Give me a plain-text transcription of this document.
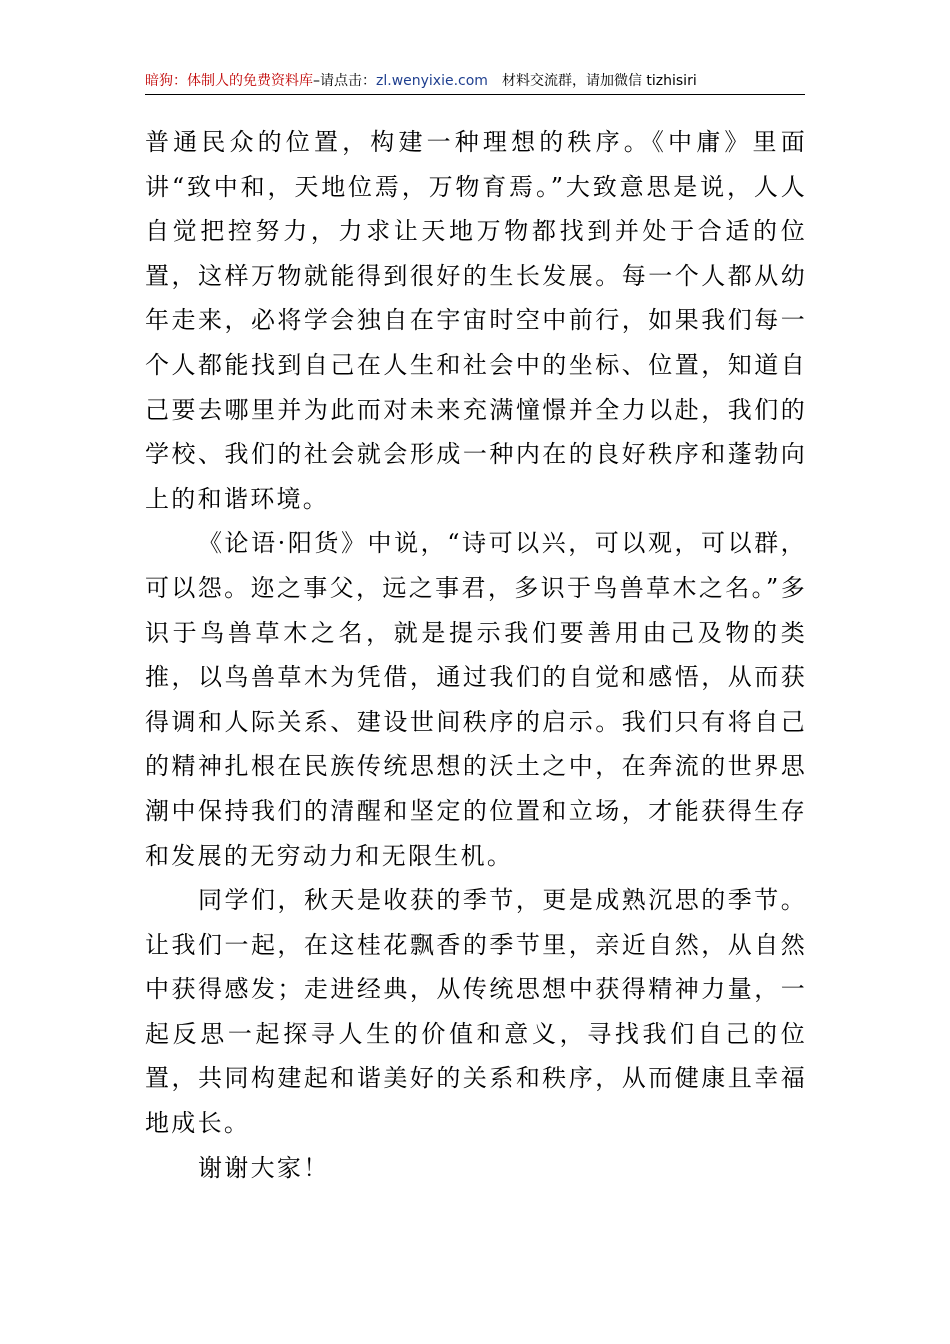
暗狗：体制人的免费资料库–请点击：zl.wenyixie.com 材料交流群，请加微信 tizhisiri

普通民众的位置，构建一种理想的秩序。《中庸》里面讲“致中和，天地位焉，万物育焉。”大致意思是说，人人自觉把控努力，力求让天地万物都找到并处于合适的位置，这样万物就能得到很好的生长发展。每一个人都从幼年走来，必将学会独自在宇宙时空中前行，如果我们每一个人都能找到自己在人生和社会中的坐标、位置，知道自己要去哪里并为此而对未来充满憧憬并全力以赴，我们的学校、我们的社会就会形成一种内在的良好秩序和蓬勃向上的和谐环境。

《论语·阳货》中说，“诗可以兴，可以观，可以群，可以怨。迩之事父，远之事君，多识于鸟兽草木之名。”多识于鸟兽草木之名，就是提示我们要善用由己及物的类推，以鸟兽草木为凭借，通过我们的自觉和感悟，从而获得调和人际关系、建设世间秩序的启示。我们只有将自己的精神扎根在民族传统思想的沃土之中，在奔流的世界思潮中保持我们的清醒和坚定的位置和立场，才能获得生存和发展的无穷动力和无限生机。

同学们，秋天是收获的季节，更是成熟沉思的季节。让我们一起，在这桂花飘香的季节里，亲近自然，从自然中获得感发；走进经典，从传统思想中获得精神力量，一起反思一起探寻人生的价值和意义，寻找我们自己的位置，共同构建起和谐美好的关系和秩序，从而健康且幸福地成长。

谢谢大家！
